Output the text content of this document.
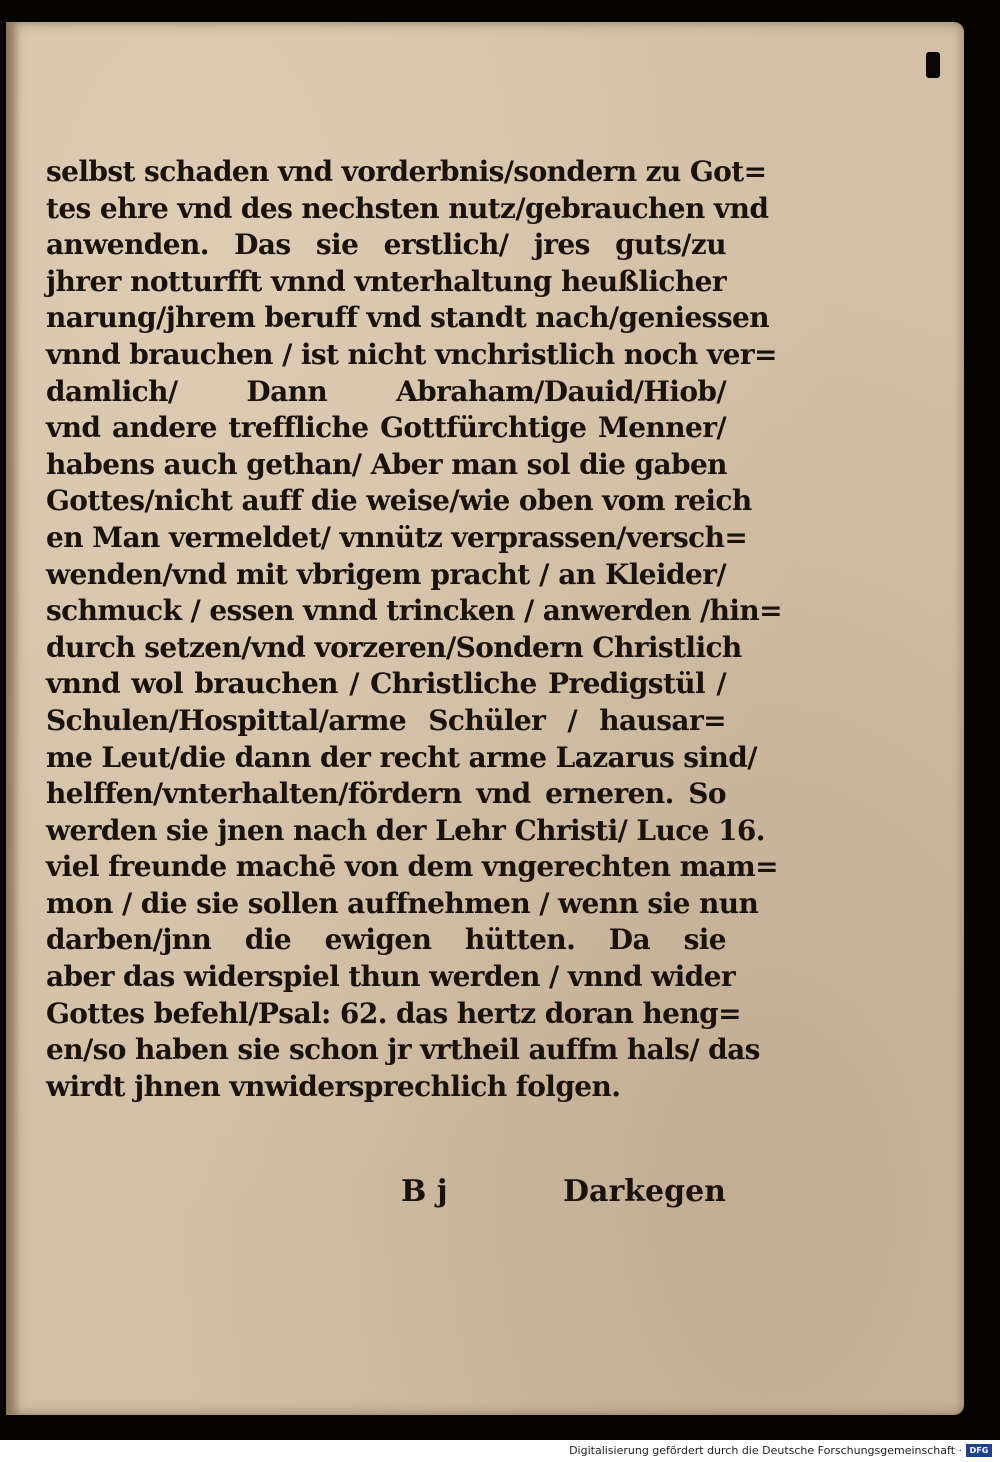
selbst schaden vnd vorderbnis/sondern zu Got=
tes ehre vnd des nechsten nutz/gebrauchen vnd
anwenden. Das sie erstlich/ jres guts/zu
jhrer notturfft vnnd vnterhaltung heußlicher
narung/jhrem beruff vnd standt nach/geniessen
vnnd brauchen / ist nicht vnchristlich noch ver=
damlich/ Dann Abraham/Dauid/Hiob/
vnd andere treffliche Gottfürchtige Menner/
habens auch gethan/ Aber man sol die gaben
Gottes/nicht auff die weise/wie oben vom reich
en Man vermeldet/ vnnütz verprassen/versch=
wenden/vnd mit vbrigem pracht / an Kleider/
schmuck / essen vnnd trincken / anwerden /hin=
durch setzen/vnd vorzeren/Sondern Christlich
vnnd wol brauchen / Christliche Predigstül /
Schulen/Hospittal/arme Schüler / hausar=
me Leut/die dann der recht arme Lazarus sind/
helffen/vnterhalten/fördern vnd erneren. So
werden sie jnen nach der Lehr Christi/ Luce 16.
viel freunde machē von dem vngerechten mam=
mon / die sie sollen auffnehmen / wenn sie nun
darben/jnn die ewigen hütten. Da sie
aber das widerspiel thun werden / vnnd wider
Gottes befehl/Psal: 62. das hertz doran heng=
en/so haben sie schon jr vrtheil auffm hals/ das
wirdt jhnen vnwidersprechlich folgen.
B j	Darkegen
Digitalisierung gefördert durch die Deutsche Forschungsgemeinschaft · DFG
